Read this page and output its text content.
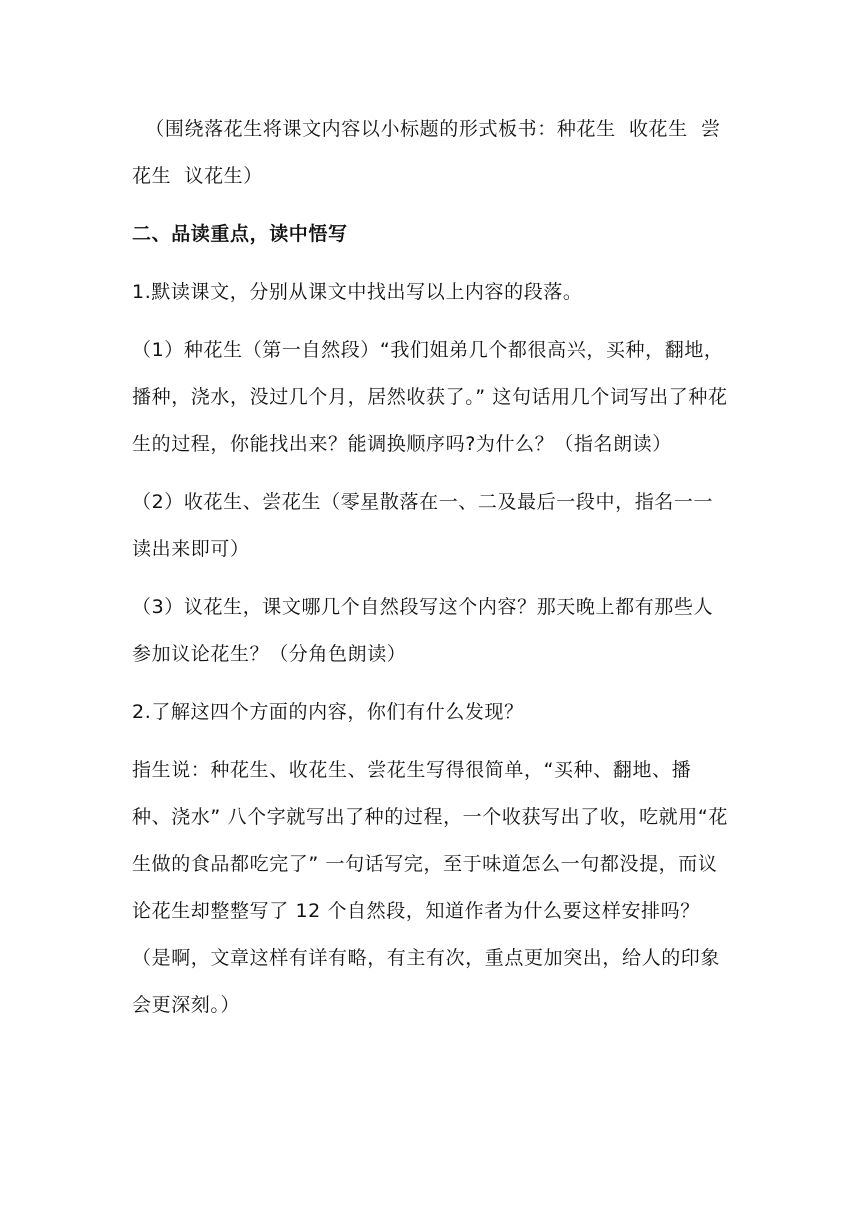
（围绕落花生将课文内容以小标题的形式板书：种花生  收花生  尝花生  议花生）

二、品读重点，读中悟写

1.默读课文，分别从课文中找出写以上内容的段落。

（1）种花生（第一自然段）“我们姐弟几个都很高兴，买种，翻地，播种，浇水，没过几个月，居然收获了。” 这句话用几个词写出了种花生的过程，你能找出来？能调换顺序吗?为什么？（指名朗读）

（2）收花生、尝花生（零星散落在一、二及最后一段中，指名一一读出来即可）

（3）议花生，课文哪几个自然段写这个内容？那天晚上都有那些人参加议论花生？（分角色朗读）

2.了解这四个方面的内容，你们有什么发现？

指生说：种花生、收花生、尝花生写得很简单，“买种、翻地、播种、浇水” 八个字就写出了种的过程，一个收获写出了收，吃就用“花生做的食品都吃完了” 一句话写完，至于味道怎么一句都没提，而议论花生却整整写了 12 个自然段，知道作者为什么要这样安排吗？（是啊，文章这样有详有略，有主有次，重点更加突出，给人的印象会更深刻。）
